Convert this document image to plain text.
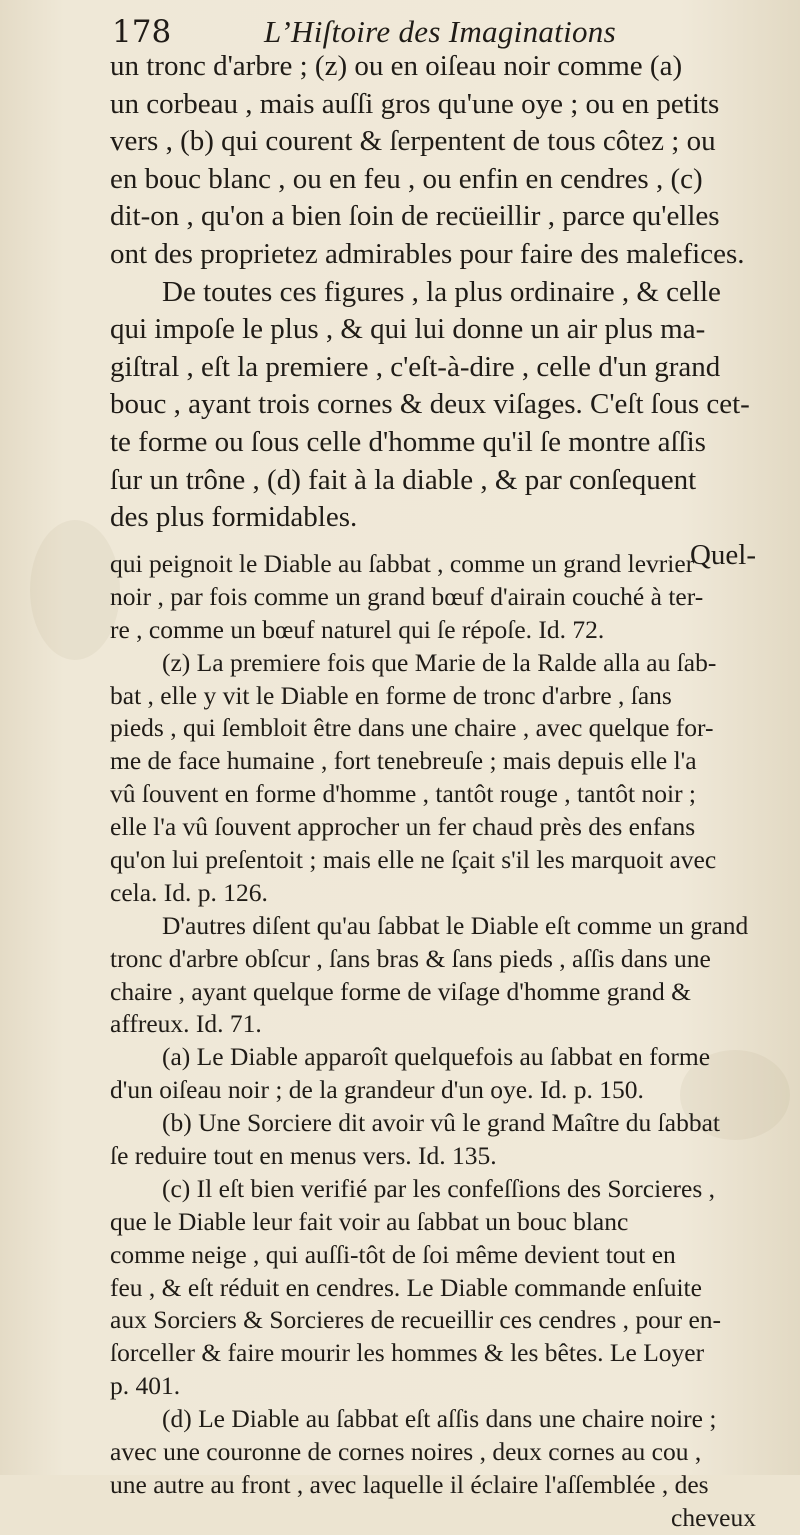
178	L’Hiſtoire des Imaginations
un tronc d'arbre ; (z) ou en oiſeau noir comme (a)
un corbeau , mais auſſi gros qu'une oye ; ou en petits
vers , (b) qui courent & ſerpentent de tous côtez ; ou
en bouc blanc , ou en feu , ou enfin en cendres , (c)
dit-on , qu'on a bien ſoin de recüeillir , parce qu'elles
ont des proprietez admirables pour faire des malefices.
De toutes ces figures , la plus ordinaire , & celle
qui impoſe le plus , & qui lui donne un air plus ma-
giſtral , eſt la premiere , c'eſt-à-dire , celle d'un grand
bouc , ayant trois cornes & deux viſages. C'eſt ſous cet-
te forme ou ſous celle d'homme qu'il ſe montre aſſis
ſur un trône , (d) fait à la diable , & par conſequent
des plus formidables.
Quel-
qui peignoit le Diable au ſabbat , comme un grand levrier
noir , par fois comme un grand bœuf d'airain couché à ter-
re , comme un bœuf naturel qui ſe répoſe. Id. 72.
(z) La premiere fois que Marie de la Ralde alla au ſab-
bat , elle y vit le Diable en forme de tronc d'arbre , ſans
pieds , qui ſembloit être dans une chaire , avec quelque for-
me de face humaine , fort tenebreuſe ; mais depuis elle l'a
vû ſouvent en forme d'homme , tantôt rouge , tantôt noir ;
elle l'a vû ſouvent approcher un fer chaud près des enfans
qu'on lui preſentoit ; mais elle ne ſçait s'il les marquoit avec
cela. Id. p. 126.
D'autres diſent qu'au ſabbat le Diable eſt comme un grand
tronc d'arbre obſcur , ſans bras & ſans pieds , aſſis dans une
chaire , ayant quelque forme de viſage d'homme grand &
affreux. Id. 71.
(a) Le Diable apparoît quelquefois au ſabbat en forme
d'un oiſeau noir ; de la grandeur d'un oye. Id. p. 150.
(b) Une Sorciere dit avoir vû le grand Maître du ſabbat
ſe reduire tout en menus vers. Id. 135.
(c) Il eſt bien verifié par les confeſſions des Sorcieres ,
que le Diable leur fait voir au ſabbat un bouc blanc
comme neige , qui auſſi-tôt de ſoi même devient tout en
feu , & eſt réduit en cendres. Le Diable commande enſuite
aux Sorciers & Sorcieres de recueillir ces cendres , pour en-
ſorceller & faire mourir les hommes & les bêtes. Le Loyer
p. 401.
(d) Le Diable au ſabbat eſt aſſis dans une chaire noire ;
avec une couronne de cornes noires , deux cornes au cou ,
une autre au front , avec laquelle il éclaire l'aſſemblée , des
cheveux
